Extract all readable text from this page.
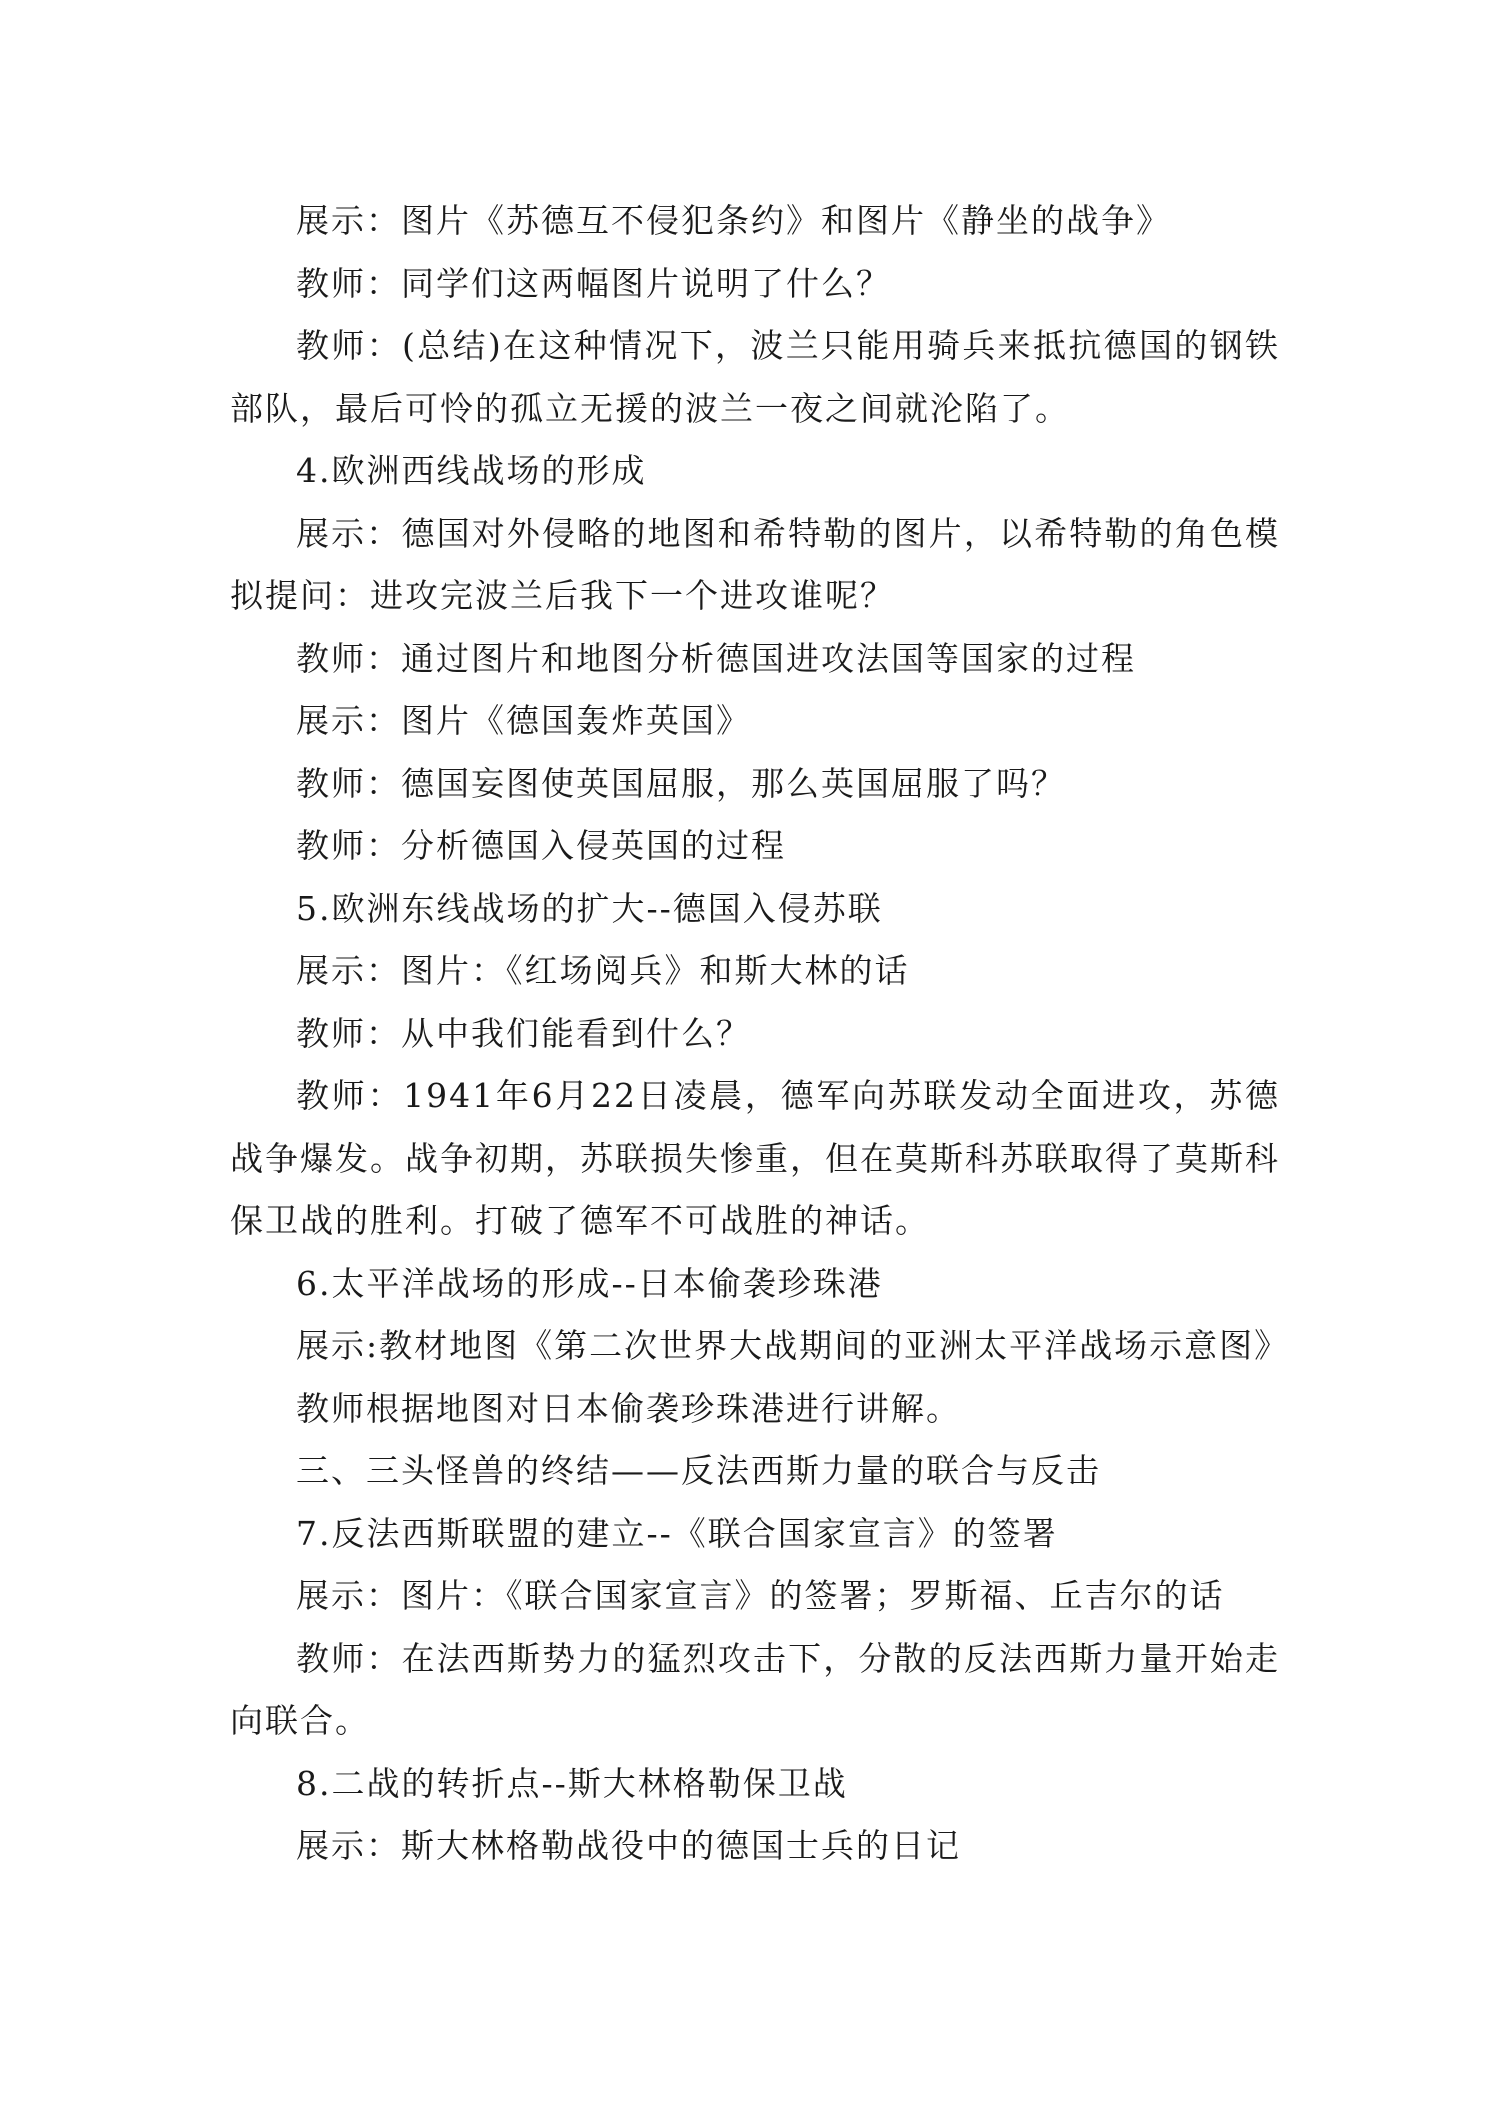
展示：图片《苏德互不侵犯条约》和图片《静坐的战争》

教师：同学们这两幅图片说明了什么？

教师：(总结)在这种情况下，波兰只能用骑兵来抵抗德国的钢铁部队，最后可怜的孤立无援的波兰一夜之间就沦陷了。

4.欧洲西线战场的形成

展示：德国对外侵略的地图和希特勒的图片，以希特勒的角色模拟提问：进攻完波兰后我下一个进攻谁呢？

教师：通过图片和地图分析德国进攻法国等国家的过程

展示：图片《德国轰炸英国》

教师：德国妄图使英国屈服，那么英国屈服了吗？

教师：分析德国入侵英国的过程

5.欧洲东线战场的扩大--德国入侵苏联

展示：图片：《红场阅兵》和斯大林的话

教师：从中我们能看到什么？

教师：1941年6月22日凌晨，德军向苏联发动全面进攻，苏德战争爆发。战争初期，苏联损失惨重，但在莫斯科苏联取得了莫斯科保卫战的胜利。打破了德军不可战胜的神话。

6.太平洋战场的形成--日本偷袭珍珠港

展示:教材地图《第二次世界大战期间的亚洲太平洋战场示意图》

教师根据地图对日本偷袭珍珠港进行讲解。

三、三头怪兽的终结——反法西斯力量的联合与反击

7.反法西斯联盟的建立--《联合国家宣言》的签署

展示：图片：《联合国家宣言》的签署；罗斯福、丘吉尔的话

教师：在法西斯势力的猛烈攻击下，分散的反法西斯力量开始走向联合。

8.二战的转折点--斯大林格勒保卫战

展示：斯大林格勒战役中的德国士兵的日记
